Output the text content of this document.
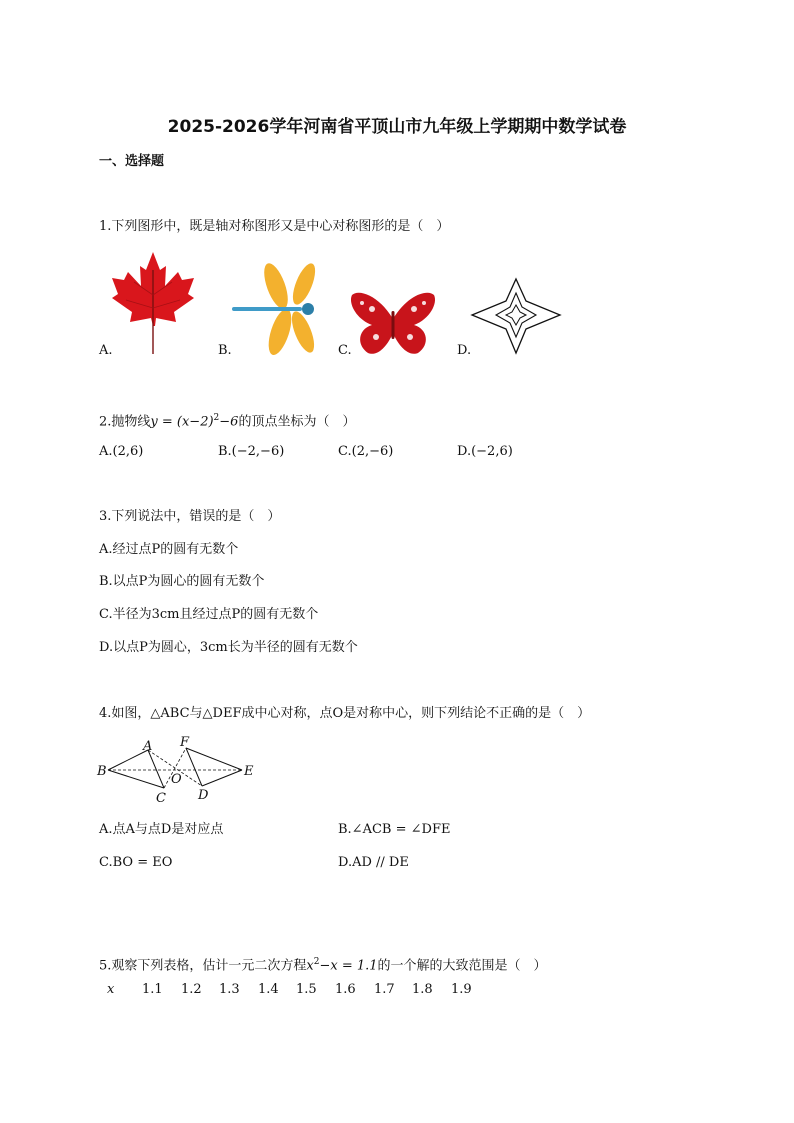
2025-2026学年河南省平顶山市九年级上学期期中数学试卷
一、选择题
1.下列图形中，既是轴对称图形又是中心对称图形的是（　）
A.	B.	C.	D.
2.抛物线$y = (x-2)^2-6$的顶点坐标为（　）
A.(2,6)	B.(−2,−6)	C.(2,−6)	D.(−2,6)
3.下列说法中，错误的是（　）
A.经过点P的圆有无数个
B.以点P为圆心的圆有无数个
C.半径为3cm且经过点P的圆有无数个
D.以点P为圆心，3cm长为半径的圆有无数个
4.如图，△ABC与△DEF成中心对称，点O是对称中心，则下列结论不正确的是（　）
A
B
C
O
F
D
E
A.点A与点D是对应点	B.∠ACB = ∠DFE
C.BO = EO	D.AD // DE
5.观察下列表格，估计一元二次方程$x^2-x = 1.1$的一个解的大致范围是（　）
x 1.1 1.2 1.3 1.4 1.5 1.6 1.7 1.8 1.9
